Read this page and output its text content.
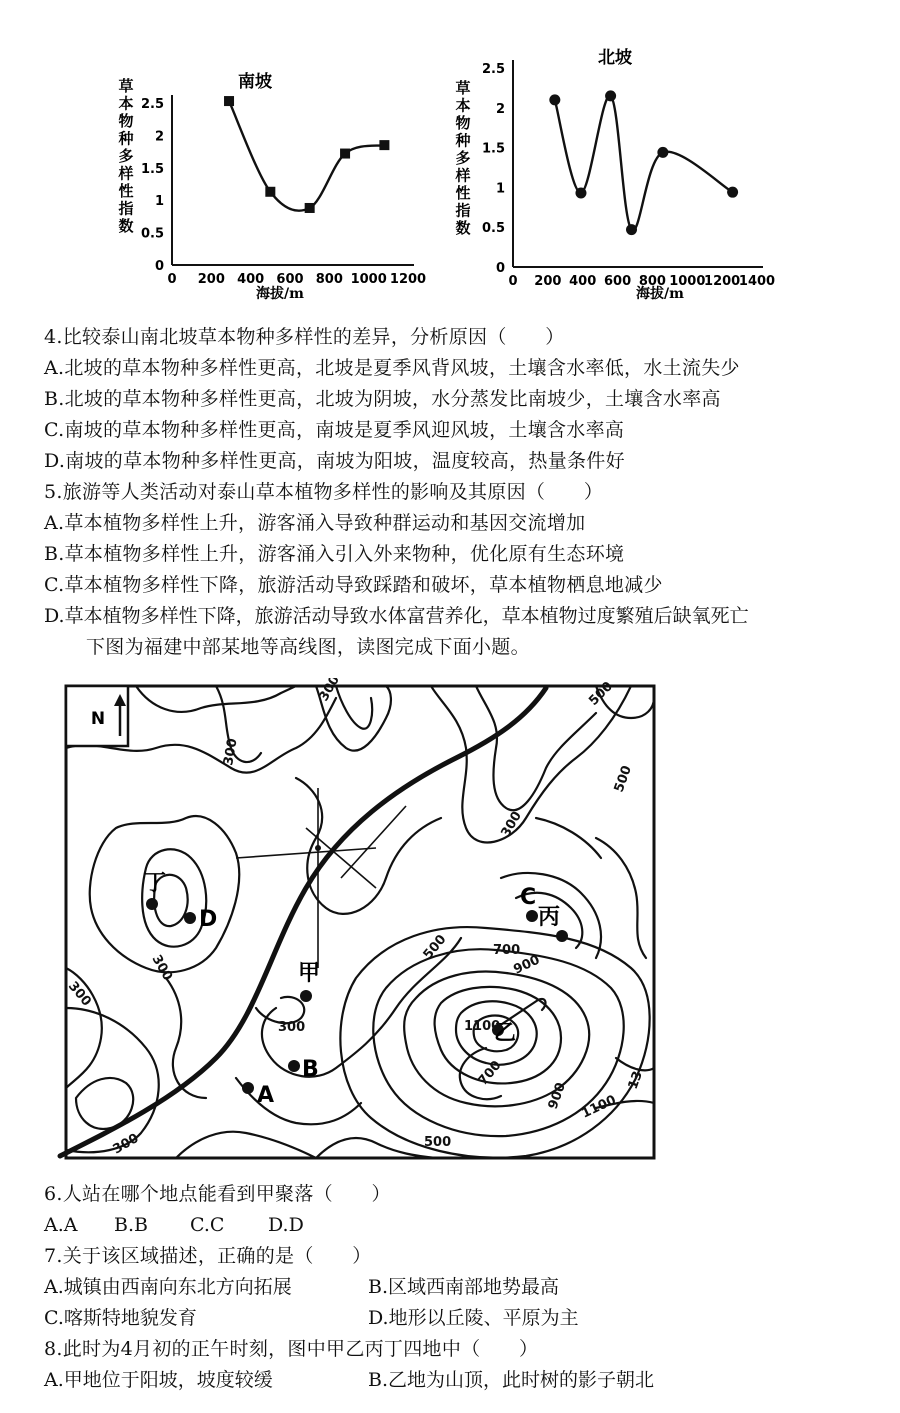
南坡
草
本
物
种
多
样
性
指
数
0
0.5
1
1.5
2
2.5
0 200 400 600 800 1000 1200
海拔/m
北坡
草
本
物
种
多
样
性
指
数
0
0.5
1
1.5
2
2.5
0 200 400 600 800 1000
1200
1400
海拔/m
4.比较泰山南北坡草本物种多样性的差异，分析原因（　　）
A.北坡的草本物种多样性更高，北坡是夏季风背风坡，土壤含水率低，水土流失少
B.北坡的草本物种多样性更高，北坡为阴坡，水分蒸发比南坡少，土壤含水率高
C.南坡的草本物种多样性更高，南坡是夏季风迎风坡，土壤含水率高
D.南坡的草本物种多样性更高，南坡为阳坡，温度较高，热量条件好
5.旅游等人类活动对泰山草本植物多样性的影响及其原因（　　）
A.草本植物多样性上升，游客涌入导致种群运动和基因交流增加
B.草本植物多样性上升，游客涌入引入外来物种，优化原有生态环境
C.草本植物多样性下降，旅游活动导致踩踏和破坏，草本植物栖息地减少
D.草本植物多样性下降，旅游活动导致水体富营养化，草本植物过度繁殖后缺氧死亡
下图为福建中部某地等高线图，读图完成下面小题。
N
丁
D
甲
B
A
C
丙
乙
300
300
300
300
300
300
300
500
500
500
500
700
700
900
900
1100
1100
13
6.人站在哪个地点能看到甲聚落（　　）
A.A B.B C.C D.D
7.关于该区域描述，正确的是（　　）
A.城镇由西南向东北方向拓展	B.区域西南部地势最高
C.喀斯特地貌发育	D.地形以丘陵、平原为主
8.此时为4月初的正午时刻，图中甲乙丙丁四地中（　　）
A.甲地位于阳坡，坡度较缓	B.乙地为山顶，此时树的影子朝北
